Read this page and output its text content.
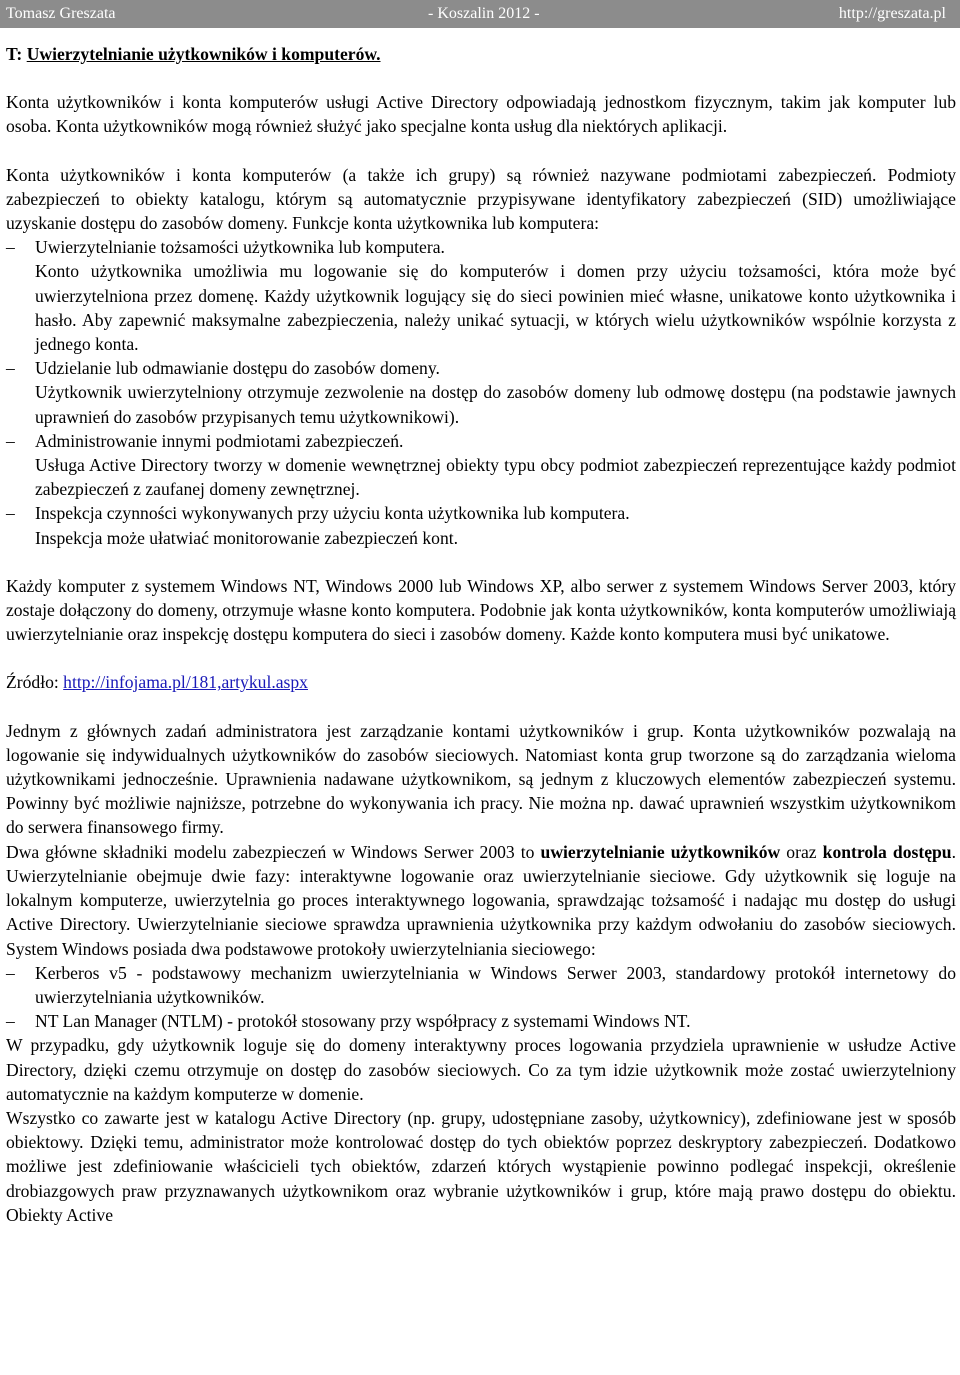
Tomasz Greszata	- Koszalin 2012 -	http://greszata.pl

T: Uwierzytelnianie użytkowników i komputerów.

Konta użytkowników i konta komputerów usługi Active Directory odpowiadają jednostkom fizycznym, takim jak komputer lub osoba. Konta użytkowników mogą również służyć jako specjalne konta usług dla niektórych aplikacji.

Konta użytkowników i konta komputerów (a także ich grupy) są również nazywane podmiotami zabezpieczeń. Podmioty zabezpieczeń to obiekty katalogu, którym są automatycznie przypisywane identyfikatory zabezpieczeń (SID) umożliwiające uzyskanie dostępu do zasobów domeny. Funkcje konta użytkownika lub komputera:

– Uwierzytelnianie tożsamości użytkownika lub komputera.
Konto użytkownika umożliwia mu logowanie się do komputerów i domen przy użyciu tożsamości, która może być uwierzytelniona przez domenę. Każdy użytkownik logujący się do sieci powinien mieć własne, unikatowe konto użytkownika i hasło. Aby zapewnić maksymalne zabezpieczenia, należy unikać sytuacji, w których wielu użytkowników wspólnie korzysta z jednego konta.
– Udzielanie lub odmawianie dostępu do zasobów domeny.
Użytkownik uwierzytelniony otrzymuje zezwolenie na dostęp do zasobów domeny lub odmowę dostępu (na podstawie jawnych uprawnień do zasobów przypisanych temu użytkownikowi).
– Administrowanie innymi podmiotami zabezpieczeń.
Usługa Active Directory tworzy w domenie wewnętrznej obiekty typu obcy podmiot zabezpieczeń reprezentujące każdy podmiot zabezpieczeń z zaufanej domeny zewnętrznej.
– Inspekcja czynności wykonywanych przy użyciu konta użytkownika lub komputera.
Inspekcja może ułatwiać monitorowanie zabezpieczeń kont.

Każdy komputer z systemem Windows NT, Windows 2000 lub Windows XP, albo serwer z systemem Windows Server 2003, który zostaje dołączony do domeny, otrzymuje własne konto komputera. Podobnie jak konta użytkowników, konta komputerów umożliwiają uwierzytelnianie oraz inspekcję dostępu komputera do sieci i zasobów domeny. Każde konto komputera musi być unikatowe.

Źródło: http://infojama.pl/181,artykul.aspx

Jednym z głównych zadań administratora jest zarządzanie kontami użytkowników i grup. Konta użytkowników pozwalają na logowanie się indywidualnych użytkowników do zasobów sieciowych. Natomiast konta grup tworzone są do zarządzania wieloma użytkownikami jednocześnie. Uprawnienia nadawane użytkownikom, są jednym z kluczowych elementów zabezpieczeń systemu. Powinny być możliwie najniższe, potrzebne do wykonywania ich pracy. Nie można np. dawać uprawnień wszystkim użytkownikom do serwera finansowego firmy.

Dwa główne składniki modelu zabezpieczeń w Windows Serwer 2003 to uwierzytelnianie użytkowników oraz kontrola dostępu. Uwierzytelnianie obejmuje dwie fazy: interaktywne logowanie oraz uwierzytelnianie sieciowe. Gdy użytkownik się loguje na lokalnym komputerze, uwierzytelnia go proces interaktywnego logowania, sprawdzając tożsamość i nadając mu dostęp do usługi Active Directory. Uwierzytelnianie sieciowe sprawdza uprawnienia użytkownika przy każdym odwołaniu do zasobów sieciowych. System Windows posiada dwa podstawowe protokoły uwierzytelniania sieciowego:

– Kerberos v5 - podstawowy mechanizm uwierzytelniania w Windows Serwer 2003, standardowy protokół internetowy do uwierzytelniania użytkowników.
– NT Lan Manager (NTLM) - protokół stosowany przy współpracy z systemami Windows NT.

W przypadku, gdy użytkownik loguje się do domeny interaktywny proces logowania przydziela uprawnienie w usłudze Active Directory, dzięki czemu otrzymuje on dostęp do zasobów sieciowych. Co za tym idzie użytkownik może zostać uwierzytelniony automatycznie na każdym komputerze w domenie.

Wszystko co zawarte jest w katalogu Active Directory (np. grupy, udostępniane zasoby, użytkownicy), zdefiniowane jest w sposób obiektowy. Dzięki temu, administrator może kontrolować dostęp do tych obiektów poprzez deskryptory zabezpieczeń. Dodatkowo możliwe jest zdefiniowanie właścicieli tych obiektów, zdarzeń których wystąpienie powinno podlegać inspekcji, określenie drobiazgowych praw przyznawanych użytkownikom oraz wybranie użytkowników i grup, które mają prawo dostępu do obiektu. Obiekty Active
